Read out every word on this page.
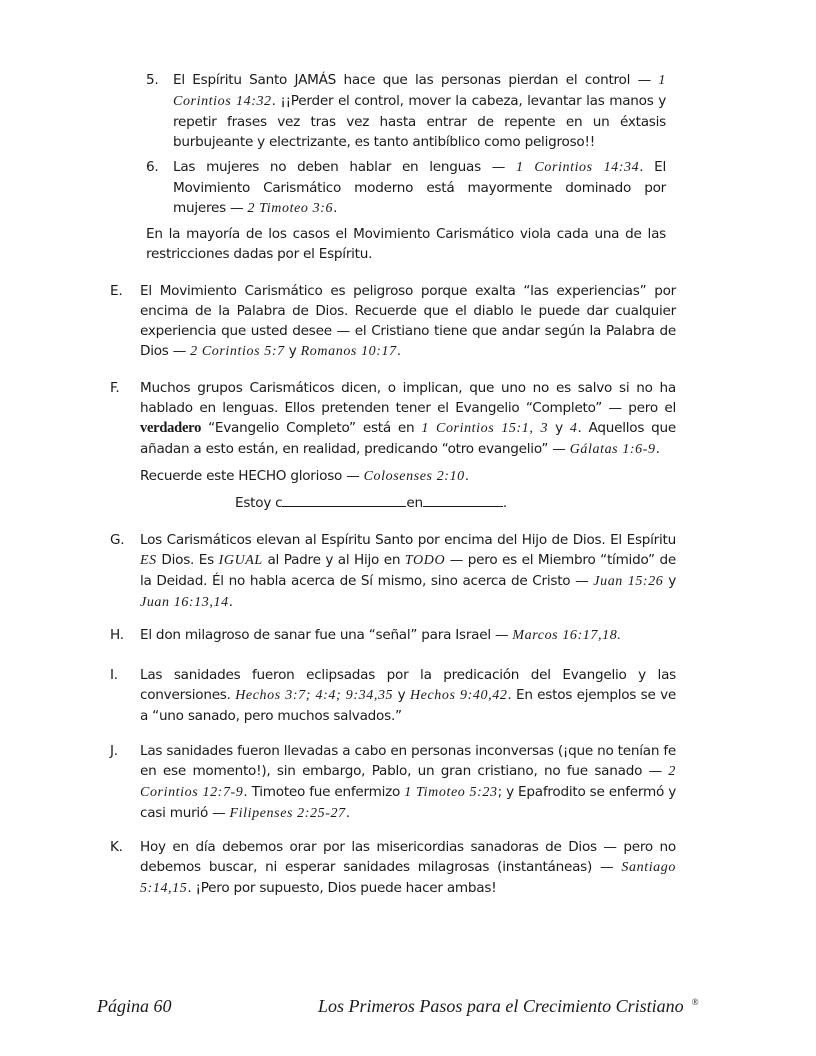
5. El Espíritu Santo JAMÁS hace que las personas pierdan el control — 1 Corintios 14:32. ¡¡Perder el control, mover la cabeza, levantar las manos y repetir frases vez tras vez hasta entrar de repente en un éxtasis burbujeante y electrizante, es tanto antibíblico como peligroso!!

6. Las mujeres no deben hablar en lenguas — 1 Corintios 14:34. El Movimiento Carismático moderno está mayormente dominado por mujeres — 2 Timoteo 3:6.

En la mayoría de los casos el Movimiento Carismático viola cada una de las restricciones dadas por el Espíritu.

E. El Movimiento Carismático es peligroso porque exalta “las experiencias” por encima de la Palabra de Dios. Recuerde que el diablo le puede dar cualquier experiencia que usted desee — el Cristiano tiene que andar según la Palabra de Dios — 2 Corintios 5:7 y Romanos 10:17.

F. Muchos grupos Carismáticos dicen, o implican, que uno no es salvo si no ha hablado en lenguas. Ellos pretenden tener el Evangelio “Completo” — pero el verdadero “Evangelio Completo” está en 1 Corintios 15:1, 3 y 4. Aquellos que añadan a esto están, en realidad, predicando “otro evangelio” — Gálatas 1:6-9.

Recuerde este HECHO glorioso — Colosenses 2:10.

Estoy c	en	.

G. Los Carismáticos elevan al Espíritu Santo por encima del Hijo de Dios. El Espíritu ES Dios. Es IGUAL al Padre y al Hijo en TODO — pero es el Miembro “tímido” de la Deidad. Él no habla acerca de Sí mismo, sino acerca de Cristo — Juan 15:26 y Juan 16:13,14.

H. El don milagroso de sanar fue una “señal” para Israel — Marcos 16:17,18.

I. Las sanidades fueron eclipsadas por la predicación del Evangelio y las conversiones. Hechos 3:7; 4:4; 9:34,35 y Hechos 9:40,42. En estos ejemplos se ve a “uno sanado, pero muchos salvados.”

J. Las sanidades fueron llevadas a cabo en personas inconversas (¡que no tenían fe en ese momento!), sin embargo, Pablo, un gran cristiano, no fue sanado — 2 Corintios 12:7-9. Timoteo fue enfermizo 1 Timoteo 5:23; y Epafrodito se enfermó y casi murió — Filipenses 2:25-27.

K. Hoy en día debemos orar por las misericordias sanadoras de Dios — pero no debemos buscar, ni esperar sanidades milagrosas (instantáneas) — Santiago 5:14,15. ¡Pero por supuesto, Dios puede hacer ambas!

Página 60	Los Primeros Pasos para el Crecimiento Cristiano ®
